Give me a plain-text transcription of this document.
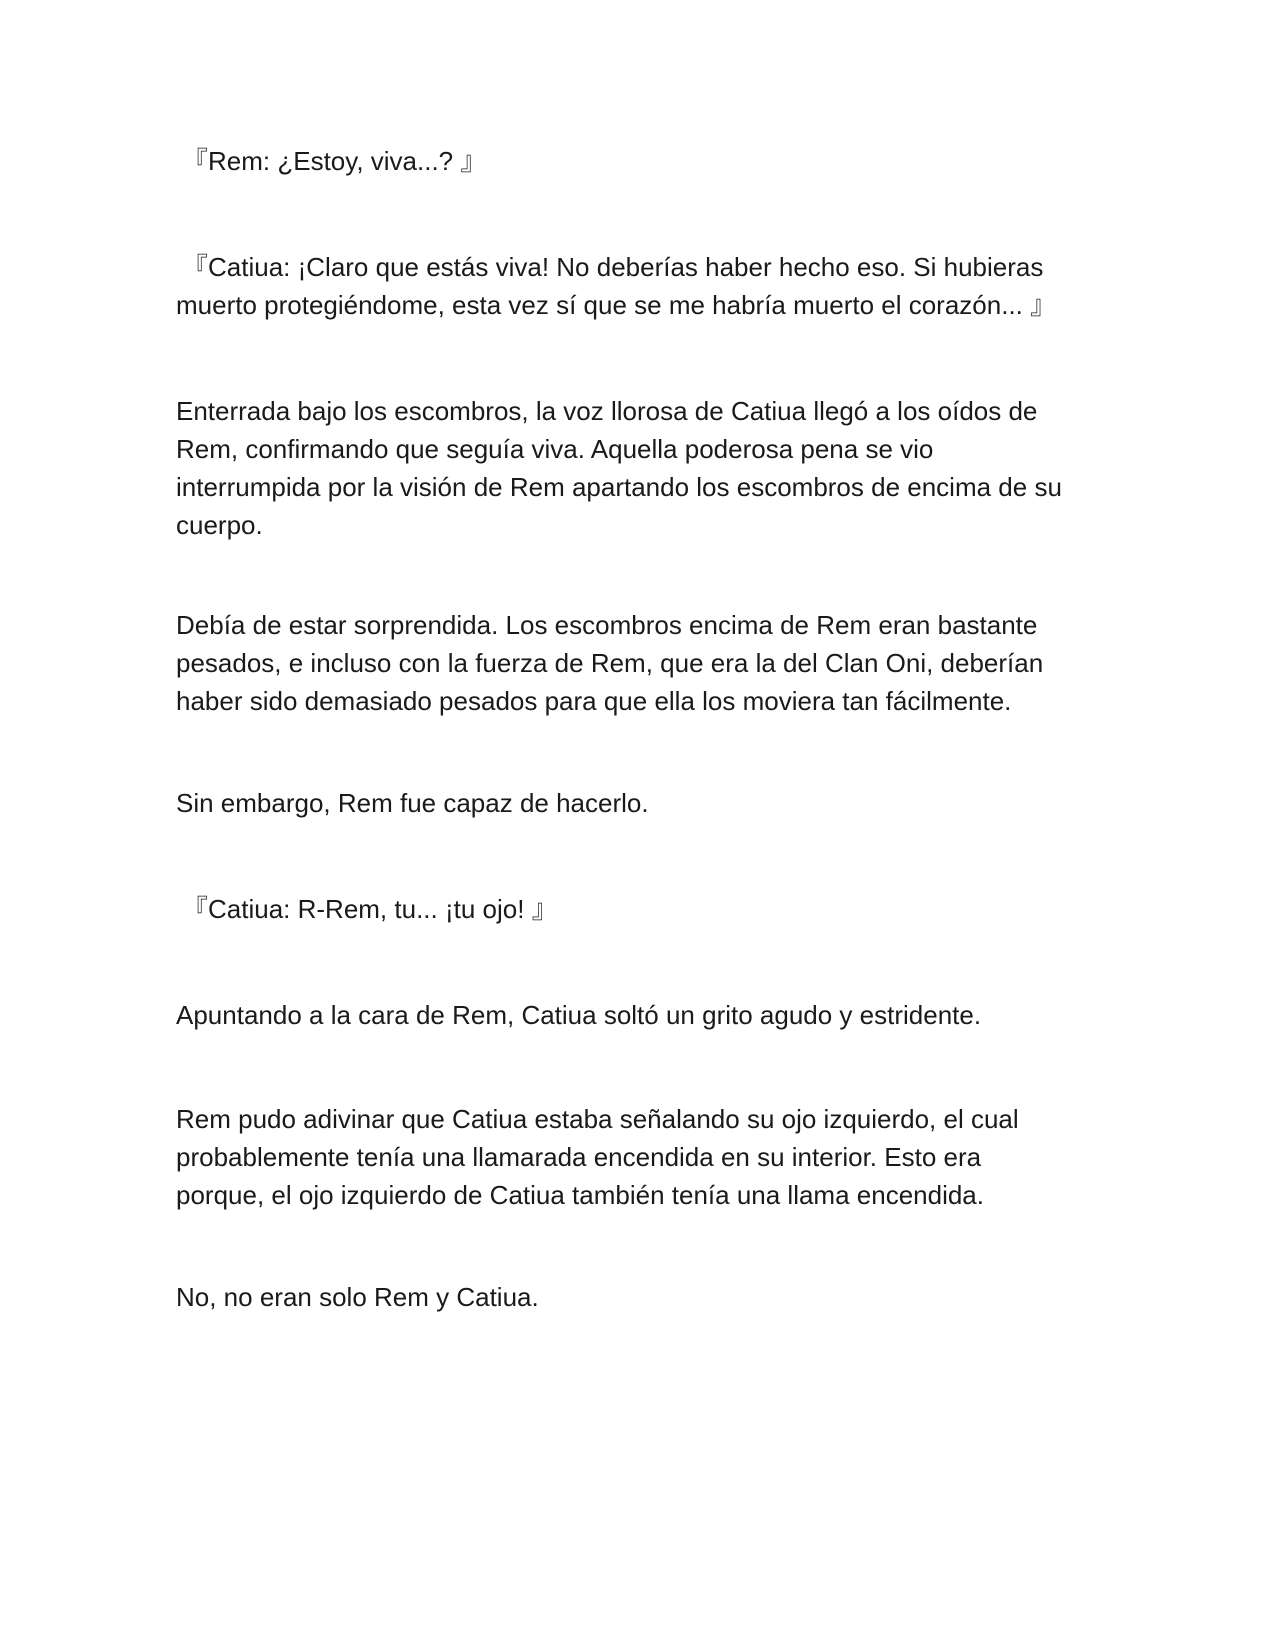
『Rem: ¿Estoy, viva...? 』

『Catiua: ¡Claro que estás viva! No deberías haber hecho eso. Si hubieras
muerto protegiéndome, esta vez sí que se me habría muerto el corazón... 』

Enterrada bajo los escombros, la voz llorosa de Catiua llegó a los oídos de
Rem, confirmando que seguía viva. Aquella poderosa pena se vio
interrumpida por la visión de Rem apartando los escombros de encima de su
cuerpo.

Debía de estar sorprendida. Los escombros encima de Rem eran bastante
pesados, e incluso con la fuerza de Rem, que era la del Clan Oni, deberían
haber sido demasiado pesados para que ella los moviera tan fácilmente.

Sin embargo, Rem fue capaz de hacerlo.

『Catiua: R-Rem, tu... ¡tu ojo! 』

Apuntando a la cara de Rem, Catiua soltó un grito agudo y estridente.

Rem pudo adivinar que Catiua estaba señalando su ojo izquierdo, el cual
probablemente tenía una llamarada encendida en su interior. Esto era
porque, el ojo izquierdo de Catiua también tenía una llama encendida.

No, no eran solo Rem y Catiua.
